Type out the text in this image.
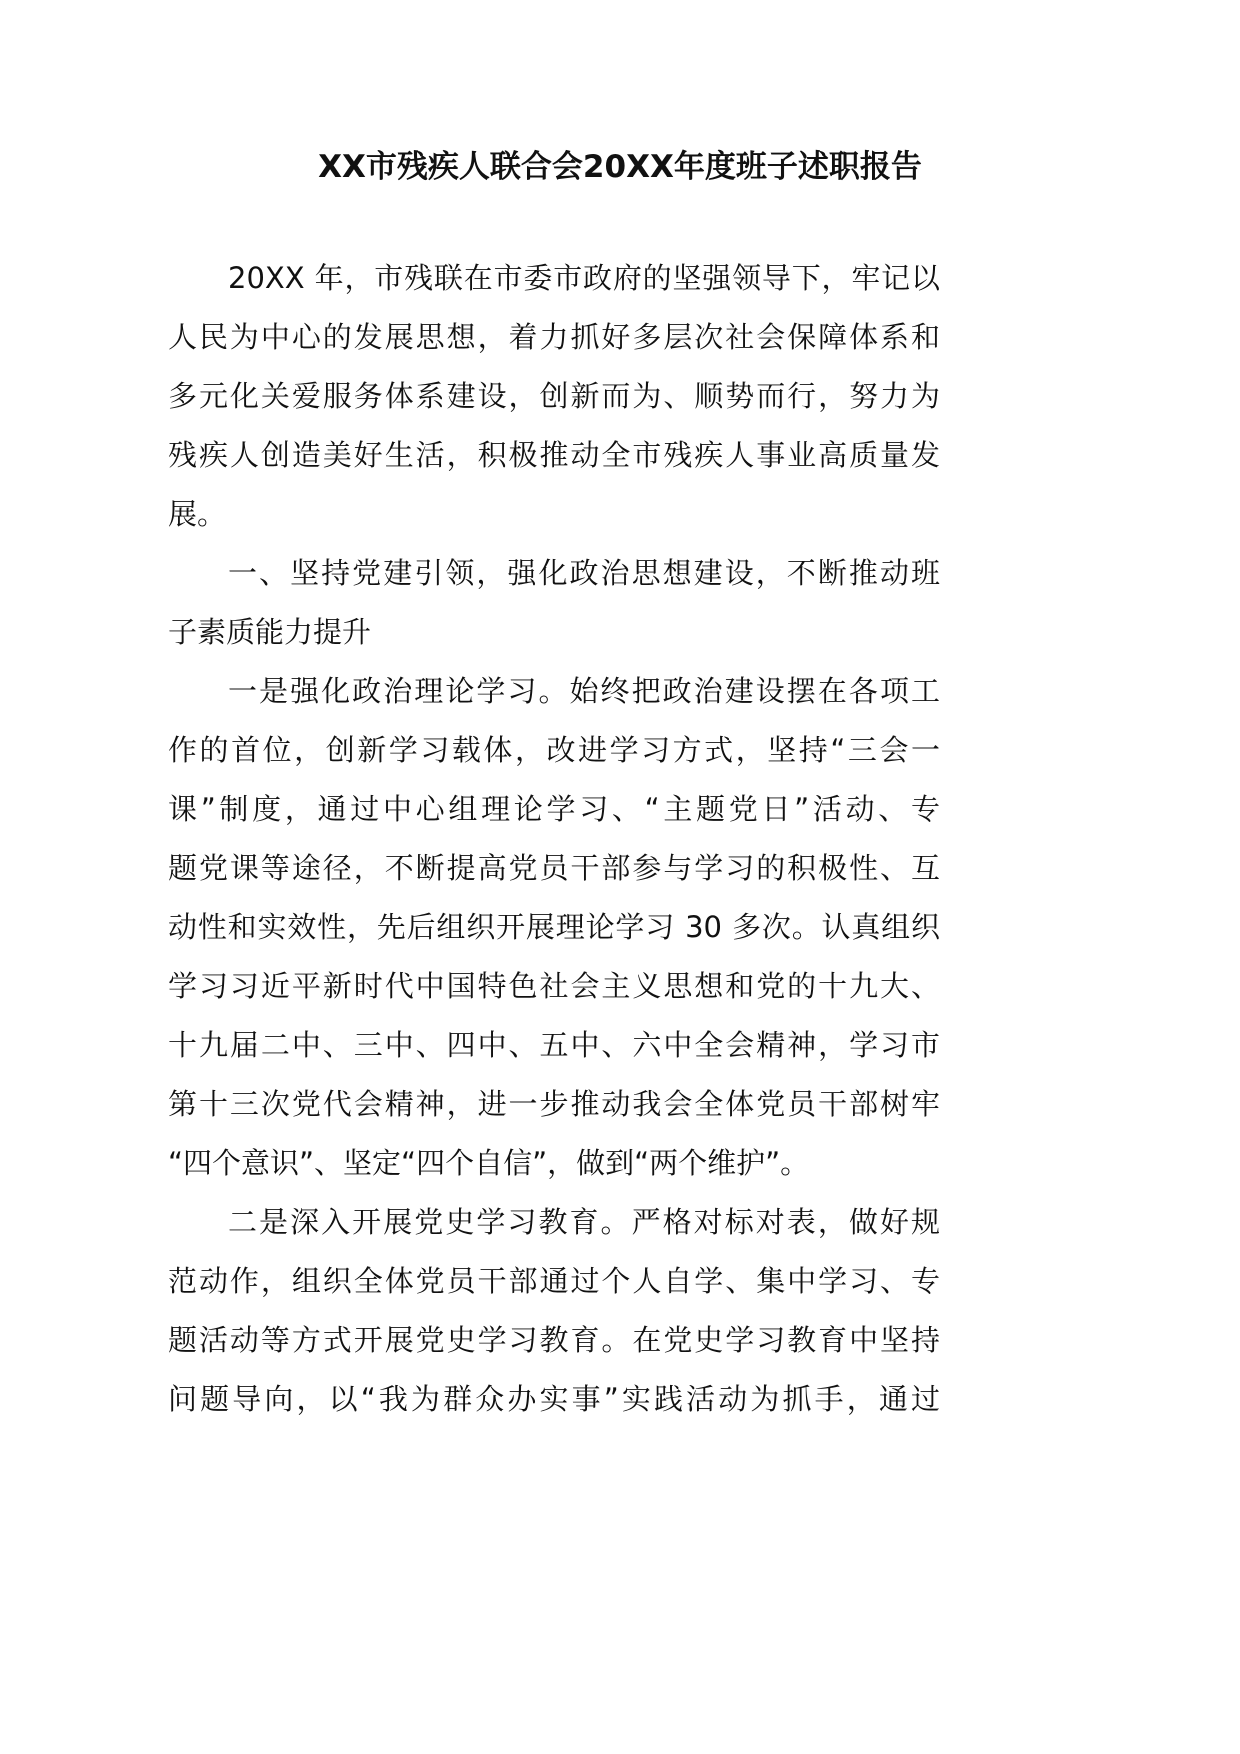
XX市残疾人联合会20XX年度班子述职报告
20XX 年，市残联在市委市政府的坚强领导下，牢记以
人民为中心的发展思想，着力抓好多层次社会保障体系和
多元化关爱服务体系建设，创新而为、顺势而行，努力为
残疾人创造美好生活，积极推动全市残疾人事业高质量发
展。
一、坚持党建引领，强化政治思想建设，不断推动班
子素质能力提升
一是强化政治理论学习。始终把政治建设摆在各项工
作的首位，创新学习载体，改进学习方式，坚持“三会一
课”制度，通过中心组理论学习、“主题党日”活动、专
题党课等途径，不断提高党员干部参与学习的积极性、互
动性和实效性，先后组织开展理论学习 30 多次。认真组织
学习习近平新时代中国特色社会主义思想和党的十九大、
十九届二中、三中、四中、五中、六中全会精神，学习市
第十三次党代会精神，进一步推动我会全体党员干部树牢
“四个意识”、坚定“四个自信”，做到“两个维护”。
二是深入开展党史学习教育。严格对标对表，做好规
范动作，组织全体党员干部通过个人自学、集中学习、专
题活动等方式开展党史学习教育。在党史学习教育中坚持
问题导向，以“我为群众办实事”实践活动为抓手，通过
